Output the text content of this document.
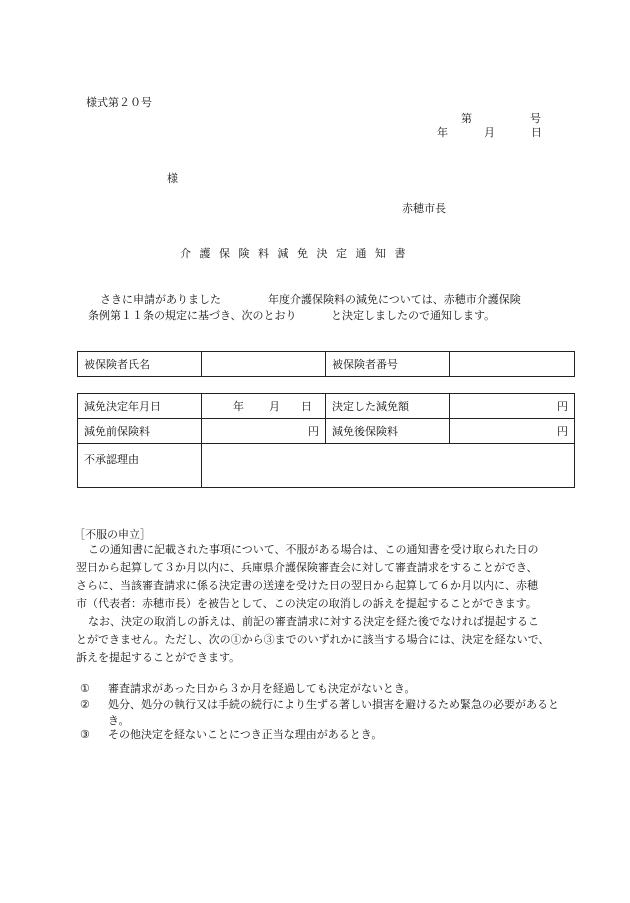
様式第２０号
第	号
年	月	日
様
赤穂市長
介護保険料減免決定通知書
さきに申請がありました	年度介護保険料の減免については、赤穂市介護保険
条例第１１条の規定に基づき、次のとおり	と決定しましたので通知します。
被保険者氏名		被保険者番号	
減免決定年月日	年 月 日	決定した減免額	円
減免前保険料	円	減免後保険料	円
不承認理由			
［不服の申立］

この通知書に記載された事項について、不服がある場合は、この通知書を受け取られた日の

翌日から起算して３か月以内に、兵庫県介護保険審査会に対して審査請求をすることができ、

さらに、当該審査請求に係る決定書の送達を受けた日の翌日から起算して６か月以内に、赤穂

市（代表者：赤穂市長）を被告として、この決定の取消しの訴えを提起することができます。

なお、決定の取消しの訴えは、前記の審査請求に対する決定を経た後でなければ提起するこ

とができません。ただし、次の①から③までのいずれかに該当する場合には、決定を経ないで、

訴えを提起することができます。

① 審査請求があった日から３か月を経過しても決定がないとき。
② 処分、処分の執行又は手続の続行により生ずる著しい損害を避けるため緊急の必要があるとき。
③ その他決定を経ないことにつき正当な理由があるとき。
